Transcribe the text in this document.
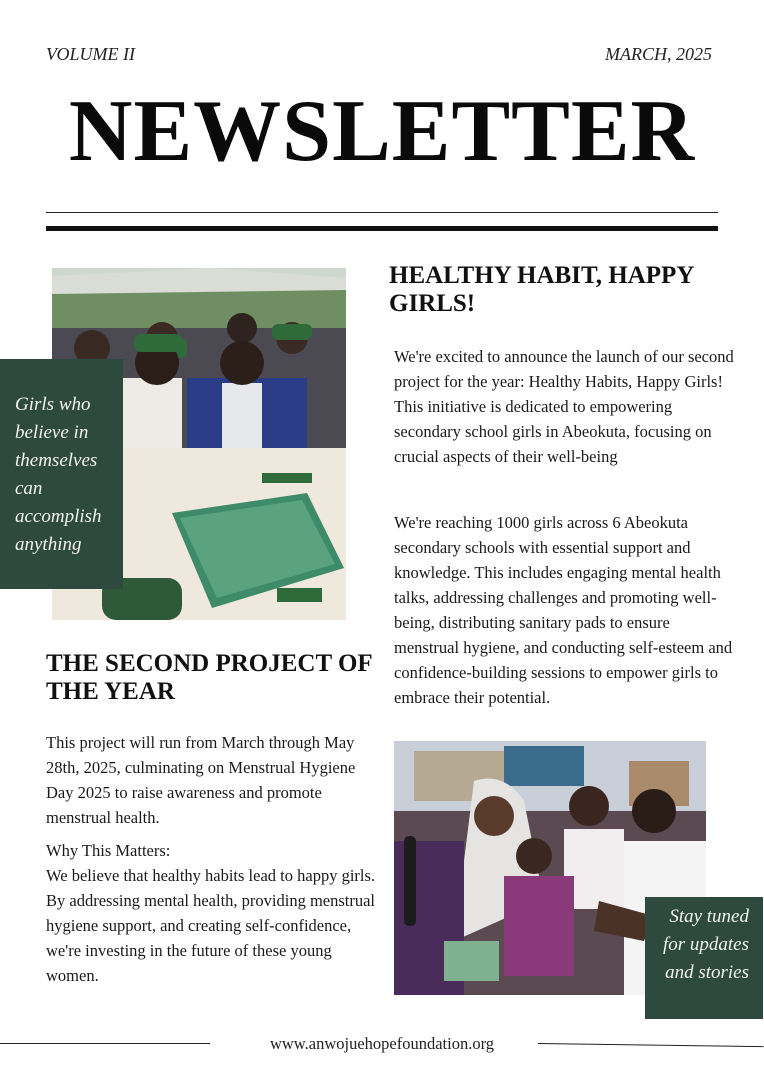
VOLUME II	MARCH, 2025
NEWSLETTER
Girls who believe in themselves can accomplish anything
THE SECOND PROJECT OF THE YEAR
This project will run from March through May 28th, 2025, culminating on Menstrual Hygiene Day 2025 to raise awareness and promote menstrual health.
Why This Matters:
We believe that healthy habits lead to happy girls. By addressing mental health, providing menstrual hygiene support, and creating self-confidence, we're investing in the future of these young women.
HEALTHY HABIT, HAPPY GIRLS!
We're excited to announce the launch of our second project for the year: Healthy Habits, Happy Girls! This initiative is dedicated to empowering secondary school girls in Abeokuta, focusing on crucial aspects of their well-being
We're reaching 1000 girls across 6 Abeokuta secondary schools with essential support and knowledge. This includes engaging mental health talks, addressing challenges and promoting well-being, distributing sanitary pads to ensure menstrual hygiene, and conducting self-esteem and confidence-building sessions to empower girls to embrace their potential.
Stay tuned for updates and stories
www.anwojuehopefoundation.org
